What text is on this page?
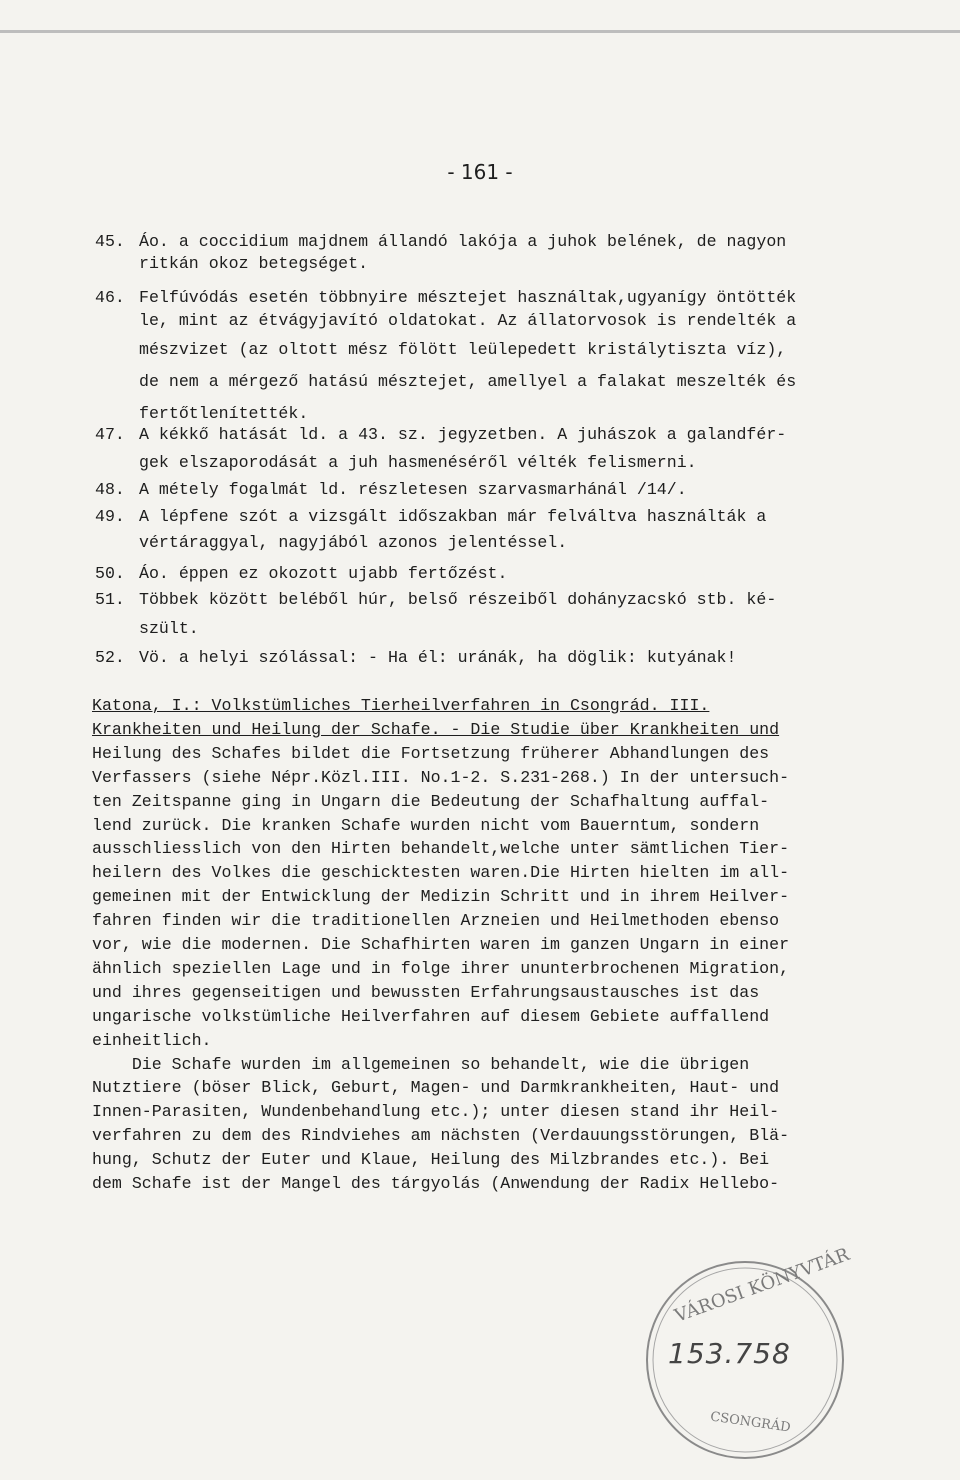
- 161 -
45. Áo. a coccidium majdnem állandó lakója a juhok belének, de nagyon
ritkán okoz betegséget.
46. Felfúvódás esetén többnyire mésztejet használtak,ugyanígy öntötték
le, mint az étvágyjavító oldatokat. Az állatorvosok is rendelték a
mészvizet (az oltott mész fölött leülepedett kristálytiszta víz),
de nem a mérgező hatású mésztejet, amellyel a falakat meszelték és
fertőtlenítették.
47. A kékkő hatását ld. a 43. sz. jegyzetben. A juhászok a galandfér-
gek elszaporodását a juh hasmenéséről vélték felismerni.
48. A métely fogalmát ld. részletesen szarvasmarhánál /14/.
49. A lépfene szót a vizsgált időszakban már felváltva használták a
vértáraggyal, nagyjából azonos jelentéssel.
50. Áo. éppen ez okozott ujabb fertőzést.
51. Többek között beléből húr, belső részeiből dohányzacskó stb. ké-
szült.
52. Vö. a helyi szólással: - Ha él: uránák, ha döglik: kutyának!
Katona, I.: Volkstümliches Tierheilverfahren in Csongrád. III.
Krankheiten und Heilung der Schafe. - Die Studie über Krankheiten und
Heilung des Schafes bildet die Fortsetzung früherer Abhandlungen des
Verfassers (siehe Népr.Közl.III. No.1-2. S.231-268.) In der untersuch-
ten Zeitspanne ging in Ungarn die Bedeutung der Schafhaltung auffal-
lend zurück. Die kranken Schafe wurden nicht vom Bauerntum, sondern
ausschliesslich von den Hirten behandelt,welche unter sämtlichen Tier-
heilern des Volkes die geschicktesten waren.Die Hirten hielten im all-
gemeinen mit der Entwicklung der Medizin Schritt und in ihrem Heilver-
fahren finden wir die traditionellen Arzneien und Heilmethoden ebenso
vor, wie die modernen. Die Schafhirten waren im ganzen Ungarn in einer
ähnlich speziellen Lage und in folge ihrer ununterbrochenen Migration,
und ihres gegenseitigen und bewussten Erfahrungsaustausches ist das
ungarische volkstümliche Heilverfahren auf diesem Gebiete auffallend
einheitlich.
Die Schafe wurden im allgemeinen so behandelt, wie die übrigen
Nutztiere (böser Blick, Geburt, Magen- und Darmkrankheiten, Haut- und
Innen-Parasiten, Wundenbehandlung etc.); unter diesen stand ihr Heil-
verfahren zu dem des Rindviehes am nächsten (Verdauungsstörungen, Blä-
hung, Schutz der Euter und Klaue, Heilung des Milzbrandes etc.). Bei
dem Schafe ist der Mangel des tárgyolás (Anwendung der Radix Hellebo-
VÁROSI KÖNYVTÁR
CSONGRÁD
153.758
